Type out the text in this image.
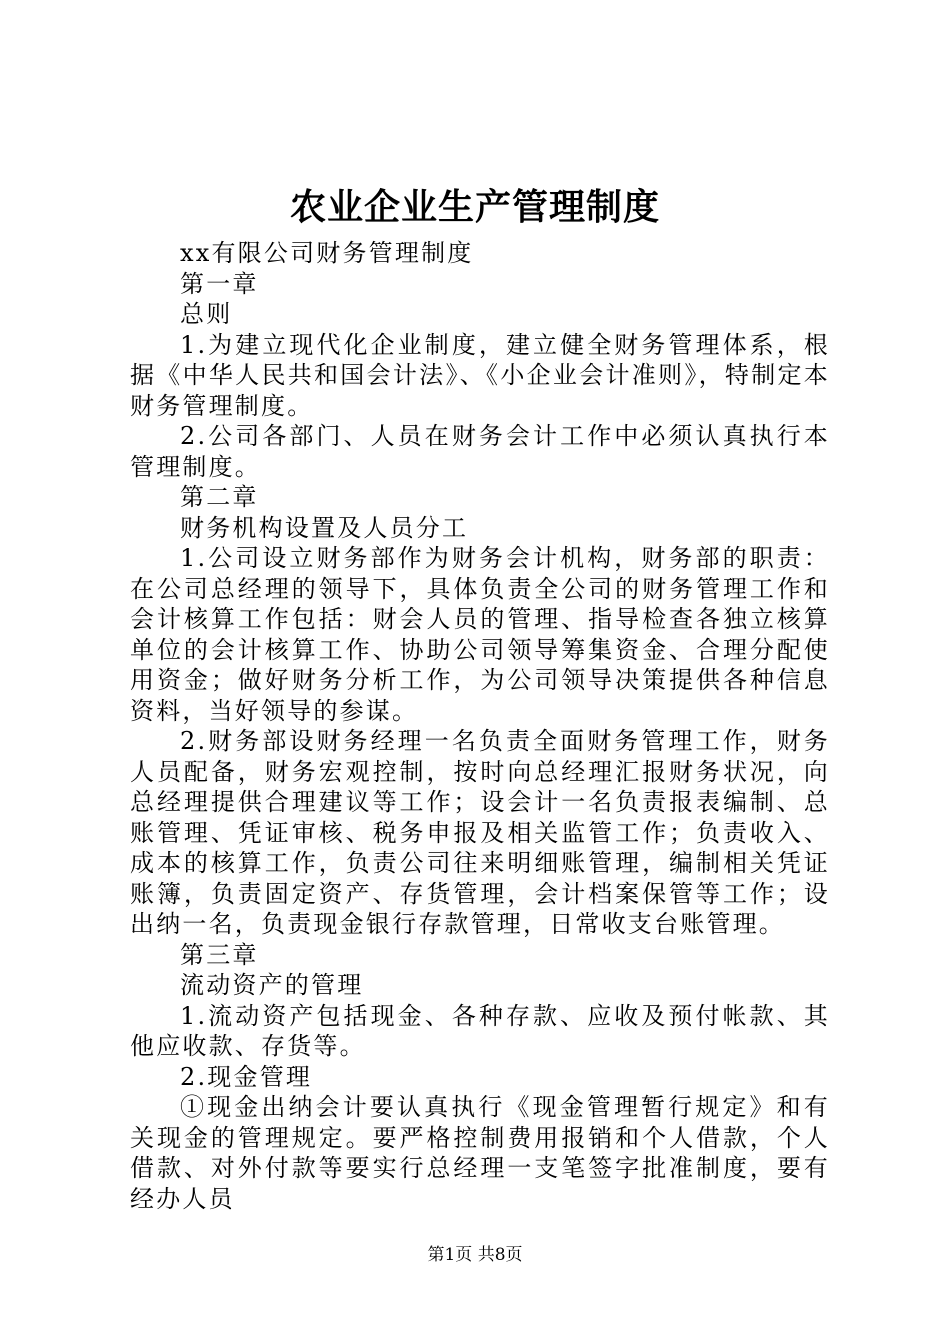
农业企业生产管理制度

xx有限公司财务管理制度

第一章

总则

1.为建立现代化企业制度，建立健全财务管理体系，根据《中华人民共和国会计法》、《小企业会计准则》，特制定本财务管理制度。

2.公司各部门、人员在财务会计工作中必须认真执行本管理制度。

第二章

财务机构设置及人员分工

1.公司设立财务部作为财务会计机构，财务部的职责：在公司总经理的领导下，具体负责全公司的财务管理工作和会计核算工作包括：财会人员的管理、指导检查各独立核算单位的会计核算工作、协助公司领导筹集资金、合理分配使用资金；做好财务分析工作，为公司领导决策提供各种信息资料，当好领导的参谋。

2.财务部设财务经理一名负责全面财务管理工作，财务人员配备，财务宏观控制，按时向总经理汇报财务状况，向总经理提供合理建议等工作；设会计一名负责报表编制、总账管理、凭证审核、税务申报及相关监管工作；负责收入、成本的核算工作，负责公司往来明细账管理，编制相关凭证账簿，负责固定资产、存货管理，会计档案保管等工作；设出纳一名，负责现金银行存款管理，日常收支台账管理。

第三章

流动资产的管理

1.流动资产包括现金、各种存款、应收及预付帐款、其他应收款、存货等。

2.现金管理

①现金出纳会计要认真执行《现金管理暂行规定》和有关现金的管理规定。要严格控制费用报销和个人借款，个人借款、对外付款等要实行总经理一支笔签字批准制度，要有经办人员

第1页 共8页
